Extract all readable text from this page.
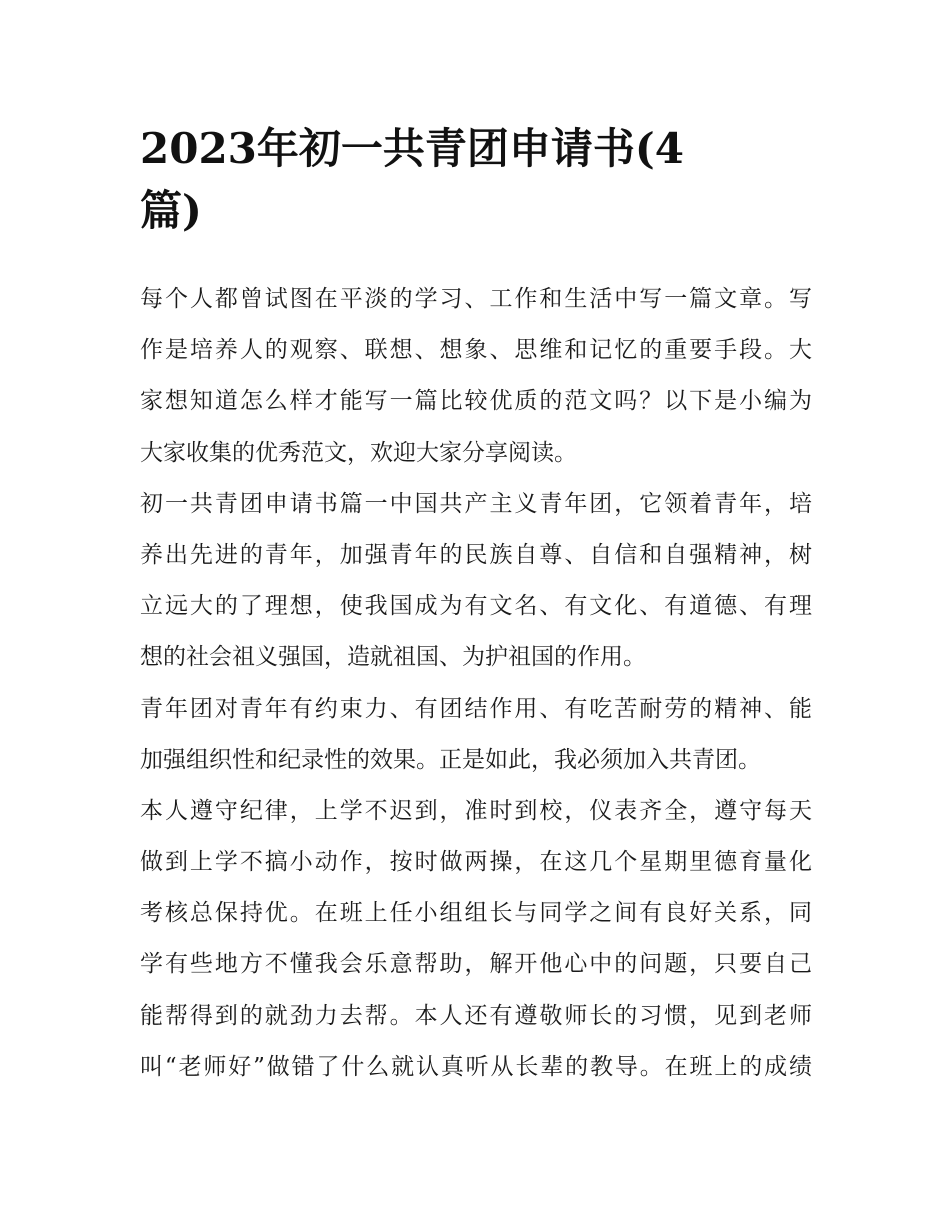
2023年初一共青团申请书(4
篇)

每个人都曾试图在平淡的学习、工作和生活中写一篇文章。写
作是培养人的观察、联想、想象、思维和记忆的重要手段。大
家想知道怎么样才能写一篇比较优质的范文吗？以下是小编为
大家收集的优秀范文，欢迎大家分享阅读。

初一共青团申请书篇一中国共产主义青年团，它领着青年，培
养出先进的青年，加强青年的民族自尊、自信和自强精神，树
立远大的了理想，使我国成为有文名、有文化、有道德、有理
想的社会祖义强国，造就祖国、为护祖国的作用。

青年团对青年有约束力、有团结作用、有吃苦耐劳的精神、能
加强组织性和纪录性的效果。正是如此，我必须加入共青团。

本人遵守纪律，上学不迟到，准时到校，仪表齐全，遵守每天
做到上学不搞小动作，按时做两操，在这几个星期里德育量化
考核总保持优。在班上任小组组长与同学之间有良好关系，同
学有些地方不懂我会乐意帮助，解开他心中的问题，只要自己
能帮得到的就劲力去帮。本人还有遵敬师长的习惯，见到老师
叫“老师好”做错了什么就认真听从长辈的教导。在班上的成绩
